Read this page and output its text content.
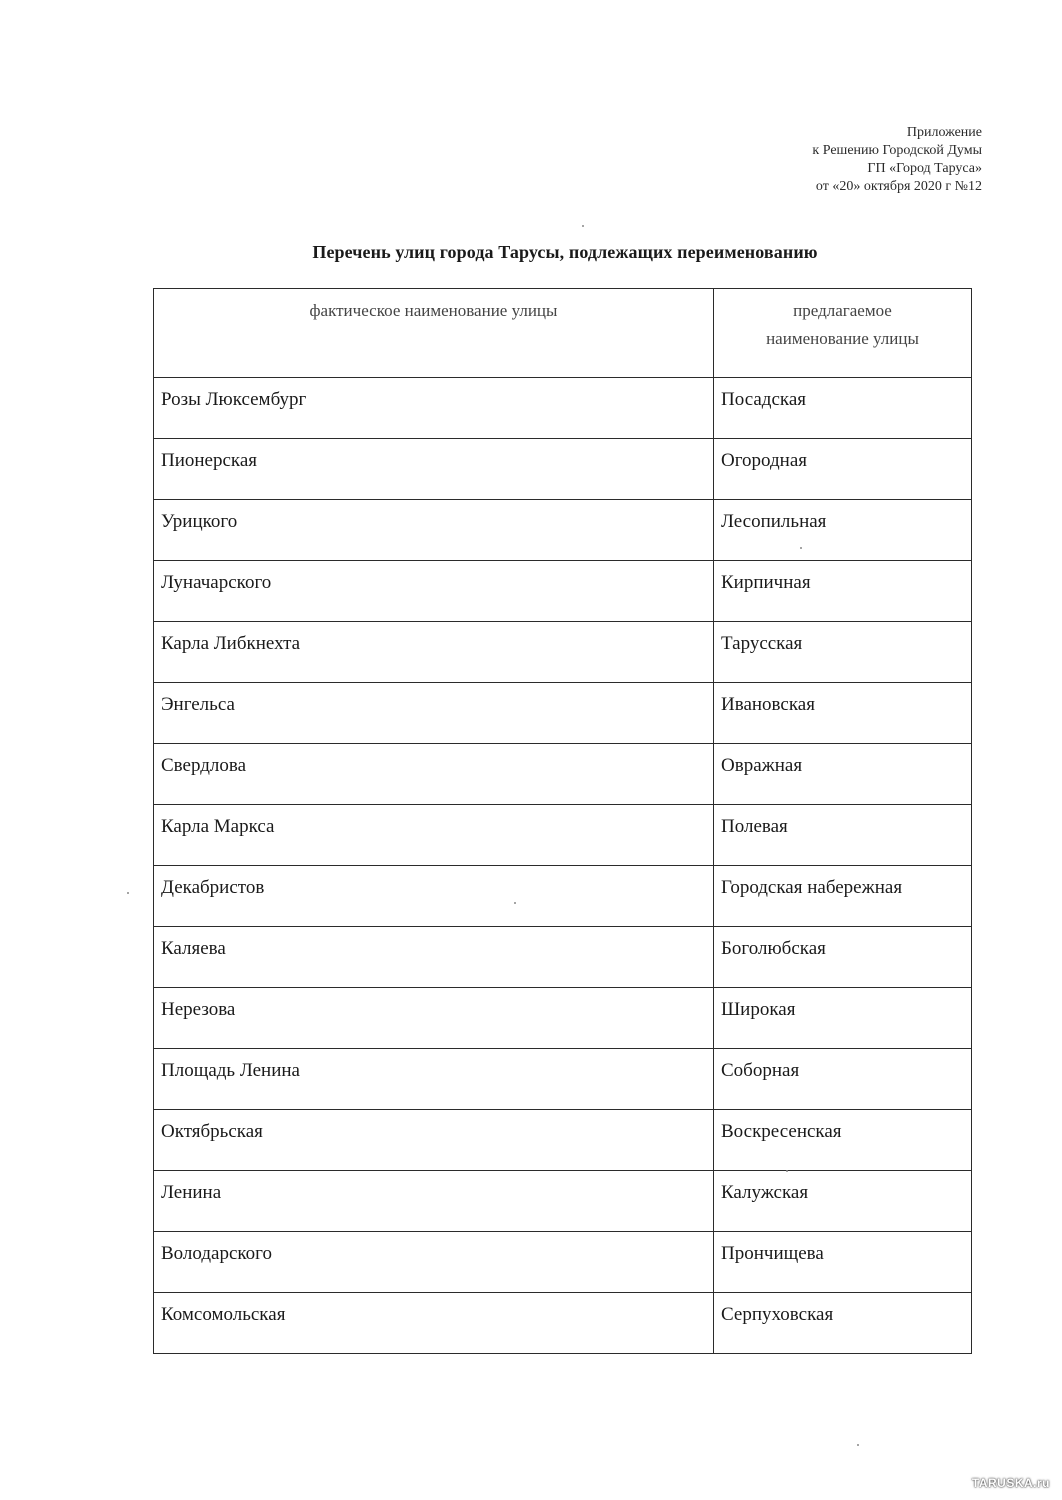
Приложение
к Решению Городской Думы
ГП «Город Таруса»
от «20» октября 2020 г №12
Перечень улиц города Тарусы, подлежащих переименованию
фактическое наименование улицы	предлагаемое
наименование улицы

Розы Люксембург	Посадская
Пионерская	Огородная
Урицкого	Лесопильная
Луначарского	Кирпичная
Карла Либкнехта	Тарусская
Энгельса	Ивановская
Свердлова	Овражная
Карла Маркса	Полевая
Декабристов	Городская набережная
Каляева	Боголюбская
Нерезова	Широкая
Площадь Ленина	Соборная
Октябрьская	Воскресенская
Ленина	Калужская
Володарского	Прончищева
Комсомольская	Серпуховская
TARUSKA.ru
